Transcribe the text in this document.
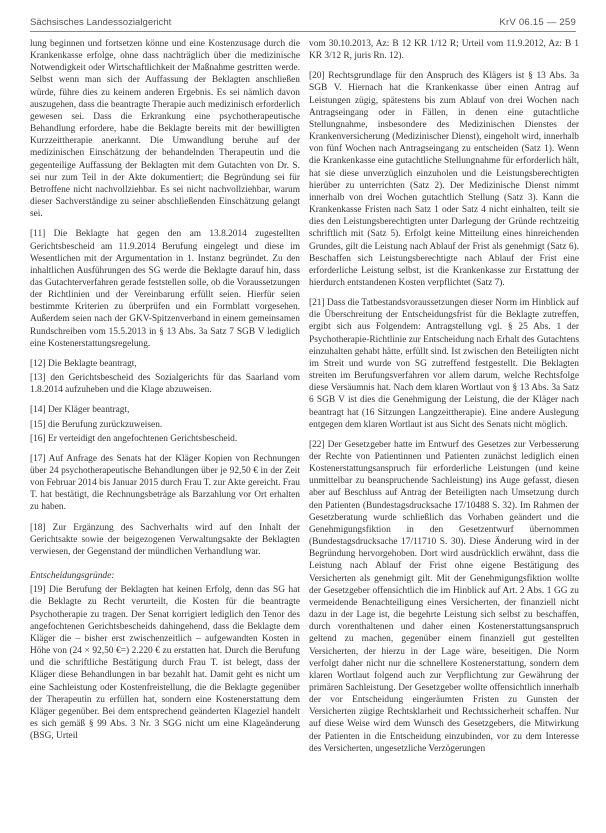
Sächsisches Landessozialgericht	KrV 06.15 — 259

lung beginnen und fortsetzen könne und eine Kostenzusage durch die Krankenkasse erfolge, ohne dass nachträglich über die medizinische Notwendigkeit oder Wirtschaftlichkeit der Maßnahme gestritten werde. Selbst wenn man sich der Auffassung der Beklagten anschließen würde, führe dies zu keinem anderen Ergebnis. Es sei nämlich davon auszugehen, dass die beantragte Therapie auch medizinisch erforderlich gewesen sei. Dass die Erkrankung eine psychotherapeutische Behandlung erfordere, habe die Beklagte bereits mit der bewilligten Kurzzeittherapie anerkannt. Die Umwandlung beruhe auf der medizinischen Einschätzung der behandelnden Therapeutin und die gegenteilige Auffassung der Beklagten mit dem Gutachten von Dr. S. sei nur zum Teil in der Akte dokumentiert; die Begründung sei für Betroffene nicht nachvollziehbar. Es sei nicht nachvollziehbar, warum dieser Sachverständige zu seiner abschließenden Einschätzung gelangt sei.

[11] Die Beklagte hat gegen den am 13.8.2014 zugestellten Gerichtsbescheid am 11.9.2014 Berufung eingelegt und diese im Wesentlichen mit der Argumentation in 1. Instanz begründet. Zu den inhaltlichen Ausführungen des SG werde die Beklagte darauf hin, dass das Gutachterverfahren gerade feststellen solle, ob die Voraussetzungen der Richtlinien und der Vereinbarung erfüllt seien. Hierfür seien bestimmte Kriterien zu überprüfen und ein Formblatt vorgesehen. Außerdem seien nach der GKV-Spitzenverband in einem gemeinsamen Rundschreiben vom 15.5.2013 in § 13 Abs. 3a Satz 7 SGB V lediglich eine Kostenerstattungsregelung.

[12] Die Beklagte beantragt,

[13] den Gerichtsbescheid des Sozialgerichts für das Saarland vom 1.8.2014 aufzuheben und die Klage abzuweisen.

[14] Der Kläger beantragt,

[15] die Berufung zurückzuweisen.

[16] Er verteidigt den angefochtenen Gerichtsbescheid.

[17] Auf Anfrage des Senats hat der Kläger Kopien von Rechnungen über 24 psychotherapeutische Behandlungen über je 92,50 € in der Zeit von Februar 2014 bis Januar 2015 durch Frau T. zur Akte gereicht. Frau T. hat bestätigt, die Rechnungsbeträge als Barzahlung vor Ort erhalten zu haben.

[18] Zur Ergänzung des Sachverhalts wird auf den Inhalt der Gerichtsakte sowie der beigezogenen Verwaltungsakte der Beklagten verwiesen, der Gegenstand der mündlichen Verhandlung war.

Entscheidungsgründe:

[19] Die Berufung der Beklagten hat keinen Erfolg, denn das SG hat die Beklagte zu Recht verurteilt, die Kosten für die beantragte Psychotherapie zu tragen. Der Senat korrigiert lediglich den Tenor des angefochtenen Gerichtsbescheids dahingehend, dass die Beklagte dem Kläger die – bisher erst zwischenzeitlich – aufgewandten Kosten in Höhe von (24 × 92,50 €=) 2.220 € zu erstatten hat. Durch die Berufung und die schriftliche Bestätigung durch Frau T. ist belegt, dass der Kläger diese Behandlungen in bar bezahlt hat. Damit geht es nicht um eine Sachleistung oder Kostenfreistellung, die die Beklagte gegenüber der Therapeutin zu erfüllen hat, sondern eine Kostenerstattung dem Kläger gegenüber. Bei dem entsprechend geänderten Klageziel handelt es sich gemäß § 99 Abs. 3 Nr. 3 SGG nicht um eine Klageänderung (BSG, Urteil

vom 30.10.2013, Az: B 12 KR 1/12 R; Urteil vom 11.9.2012, Az: B 1 KR 3/12 R, juris Rn. 12).

[20] Rechtsgrundlage für den Anspruch des Klägers ist § 13 Abs. 3a SGB V. Hiernach hat die Krankenkasse über einen Antrag auf Leistungen zügig, spätestens bis zum Ablauf von drei Wochen nach Antragseingang oder in Fällen, in denen eine gutachtliche Stellungnahme, insbesondere des Medizinischen Dienstes der Krankenversicherung (Medizinischer Dienst), eingeholt wird, innerhalb von fünf Wochen nach Antragseingang zu entscheiden (Satz 1). Wenn die Krankenkasse eine gutachtliche Stellungnahme für erforderlich hält, hat sie diese unverzüglich einzuholen und die Leistungsberechtigten hierüber zu unterrichten (Satz 2). Der Medizinische Dienst nimmt innerhalb von drei Wochen gutachtlich Stellung (Satz 3). Kann die Krankenkasse Fristen nach Satz 1 oder Satz 4 nicht einhalten, teilt sie dies den Leistungsberechtigten unter Darlegung der Gründe rechtzeitig schriftlich mit (Satz 5). Erfolgt keine Mitteilung eines hinreichenden Grundes, gilt die Leistung nach Ablauf der Frist als genehmigt (Satz 6). Beschaffen sich Leistungsberechtigte nach Ablauf der Frist eine erforderliche Leistung selbst, ist die Krankenkasse zur Erstattung der hierdurch entstandenen Kosten verpflichtet (Satz 7).

[21] Dass die Tatbestandsvoraussetzungen dieser Norm im Hinblick auf die Überschreitung der Entscheidungsfrist für die Beklagte zutreffen, ergibt sich aus Folgendem: Antragstellung vgl. § 25 Abs. 1 der Psychotherapie-Richtlinie zur Entscheidung nach Erhalt des Gutachtens einzuhalten gehabt hätte, erfüllt sind. Ist zwischen den Beteiligten nicht im Streit und wurde von SG zutreffend festgestellt. Die Beklagten streiten im Berufungsverfahren vor allem darum, welche Rechtsfolge diese Versäumnis hat. Nach dem klaren Wortlaut von § 13 Abs. 3a Satz 6 SGB V ist dies die Genehmigung der Leistung, die der Kläger nach beantragt hat (16 Sitzungen Langzeittherapie). Eine andere Auslegung entgegen dem klaren Wortlaut ist aus Sicht des Senats nicht möglich.

[22] Der Gesetzgeber hatte im Entwurf des Gesetzes zur Verbesserung der Rechte von Patientinnen und Patienten zunächst lediglich einen Kostenerstattungsanspruch für erforderliche Leistungen (und keine unmittelbar zu beanspruchende Sachleistung) ins Auge gefasst, diesen aber auf Beschluss auf Antrag der Beteiligten nach Umsetzung durch den Patienten (Bundestagsdrucksache 17/10488 S. 32). Im Rahmen der Gesetzberatung wurde schließlich das Vorhaben geändert und die Genehmigungsfiktion in den Gesetzentwurf übernommen (Bundestagsdrucksache 17/11710 S. 30). Diese Änderung wird in der Begründung hervorgehoben. Dort wird ausdrücklich erwähnt, dass die Leistung nach Ablauf der Frist ohne eigene Bestätigung des Versicherten als genehmigt gilt. Mit der Genehmigungsfiktion wollte der Gesetzgeber offensichtlich die im Hinblick auf Art. 2 Abs. 1 GG zu vermeidende Benachteiligung eines Versicherten, der finanziell nicht dazu in der Lage ist, die begehrte Leistung sich selbst zu beschaffen, durch vorenthaltenen und daher einen Kostenerstattungsanspruch geltend zu machen, gegenüber einem finanziell gut gestellten Versicherten, der hierzu in der Lage wäre, beseitigen. Die Norm verfolgt daher nicht nur die schnellere Kostenerstattung, sondern dem klaren Wortlaut folgend auch zur Verpflichtung zur Gewährung der primären Sachleistung. Der Gesetzgeber wollte offensichtlich innerhalb der vor Entscheidung eingeräumten Fristen zu Gunsten der Versicherten zügige Rechtsklarheit und Rechtssicherheit schaffen. Nur auf diese Weise wird dem Wunsch des Gesetzgebers, die Mitwirkung der Patienten in die Entscheidung einzubinden, vor zu dem Interesse des Versicherten, ungesetzliche Verzögerungen
